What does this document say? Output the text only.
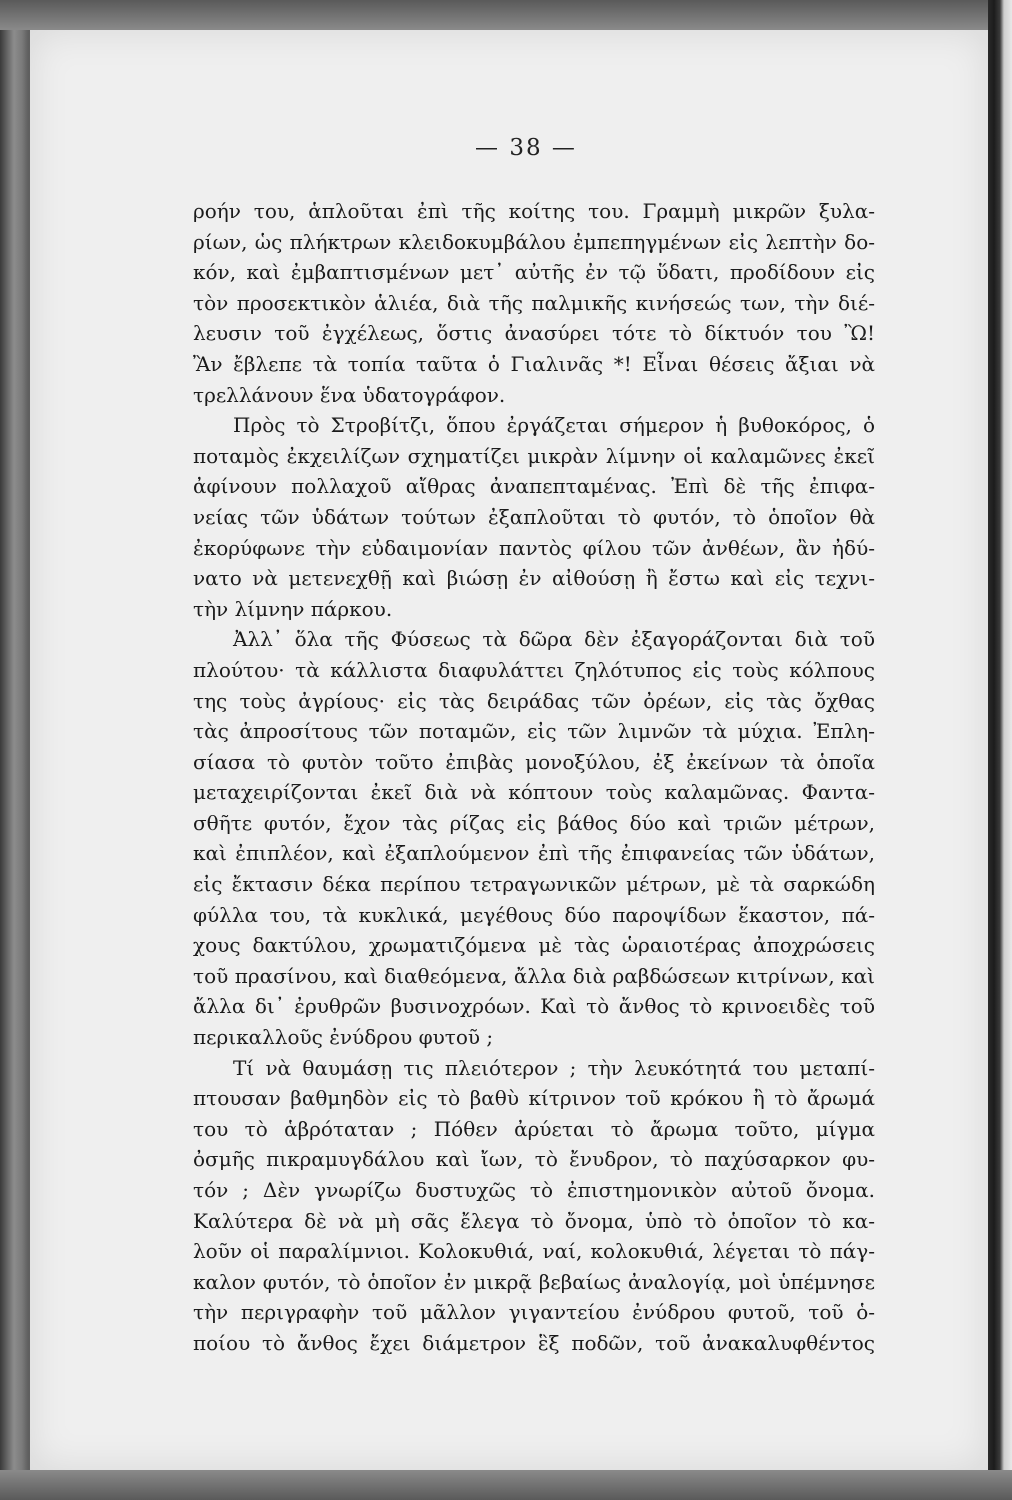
— 38 —
ροήν του, ἁπλοῦται ἐπὶ τῆς κοίτης του. Γραμμὴ μικρῶν ξυλα-
ρίων, ὡς πλήκτρων κλειδοκυμβάλου ἐμπεπηγμένων εἰς λεπτὴν δο-
κόν, καὶ ἐμβαπτισμένων μετ᾽ αὐτῆς ἐν τῷ ὕδατι, προδίδουν εἰς
τὸν προσεκτικὸν ἁλιέα, διὰ τῆς παλμικῆς κινήσεώς των, τὴν διέ-
λευσιν τοῦ ἐγχέλεως, ὅστις ἀνασύρει τότε τὸ δίκτυόν του Ὢ!
Ἂν ἔβλεπε τὰ τοπία ταῦτα ὁ Γιαλινᾶς *! Εἶναι θέσεις ἄξιαι νὰ
τρελλάνουν ἕνα ὑδατογράφον.
Πρὸς τὸ Στροβίτζι, ὅπου ἐργάζεται σήμερον ἡ βυθοκόρος, ὁ
ποταμὸς ἐκχειλίζων σχηματίζει μικρὰν λίμνην οἱ καλαμῶνες ἐκεῖ
ἀφίνουν πολλαχοῦ αἴθρας ἀναπεπταμένας. Ἐπὶ δὲ τῆς ἐπιφα-
νείας τῶν ὑδάτων τούτων ἐξαπλοῦται τὸ φυτόν, τὸ ὁποῖον θὰ
ἐκορύφωνε τὴν εὐδαιμονίαν παντὸς φίλου τῶν ἀνθέων, ἂν ἠδύ-
νατο νὰ μετενεχθῇ καὶ βιώσῃ ἐν αἰθούσῃ ἢ ἔστω καὶ εἰς τεχνι-
τὴν λίμνην πάρκου.
Ἀλλ᾽ ὅλα τῆς Φύσεως τὰ δῶρα δὲν ἐξαγοράζονται διὰ τοῦ
πλούτου· τὰ κάλλιστα διαφυλάττει ζηλότυπος εἰς τοὺς κόλπους
της τοὺς ἀγρίους· εἰς τὰς δειράδας τῶν ὀρέων, εἰς τὰς ὄχθας
τὰς ἀπροσίτους τῶν ποταμῶν, εἰς τῶν λιμνῶν τὰ μύχια. Ἐπλη-
σίασα τὸ φυτὸν τοῦτο ἐπιβὰς μονοξύλου, ἐξ ἐκείνων τὰ ὁποῖα
μεταχειρίζονται ἐκεῖ διὰ νὰ κόπτουν τοὺς καλαμῶνας. Φαντα-
σθῆτε φυτόν, ἔχον τὰς ρίζας εἰς βάθος δύο καὶ τριῶν μέτρων,
καὶ ἐπιπλέον, καὶ ἐξαπλούμενον ἐπὶ τῆς ἐπιφανείας τῶν ὑδάτων,
εἰς ἔκτασιν δέκα περίπου τετραγωνικῶν μέτρων, μὲ τὰ σαρκώδη
φύλλα του, τὰ κυκλικά, μεγέθους δύο παροψίδων ἕκαστον, πά-
χους δακτύλου, χρωματιζόμενα μὲ τὰς ὡραιοτέρας ἀποχρώσεις
τοῦ πρασίνου, καὶ διαθεόμενα, ἄλλα διὰ ραβδώσεων κιτρίνων, καὶ
ἄλλα δι᾽ ἐρυθρῶν βυσινοχρόων. Καὶ τὸ ἄνθος τὸ κρινοειδὲς τοῦ
περικαλλοῦς ἐνύδρου φυτοῦ ;
Τί νὰ θαυμάσῃ τις πλειότερον ; τὴν λευκότητά του μεταπί-
πτουσαν βαθμηδὸν εἰς τὸ βαθὺ κίτρινον τοῦ κρόκου ἢ τὸ ἄρωμά
του τὸ ἁβρόταταν ; Πόθεν ἀρύεται τὸ ἄρωμα τοῦτο, μίγμα
ὀσμῆς πικραμυγδάλου καὶ ἴων, τὸ ἔνυδρον, τὸ παχύσαρκον φυ-
τόν ; Δὲν γνωρίζω δυστυχῶς τὸ ἐπιστημονικὸν αὐτοῦ ὄνομα.
Καλύτερα δὲ νὰ μὴ σᾶς ἔλεγα τὸ ὄνομα, ὑπὸ τὸ ὁποῖον τὸ κα-
λοῦν οἱ παραλίμνιοι. Κολοκυθιά, ναί, κολοκυθιά, λέγεται τὸ πάγ-
καλον φυτόν, τὸ ὁποῖον ἐν μικρᾷ βεβαίως ἀναλογίᾳ, μοὶ ὑπέμνησε
τὴν περιγραφὴν τοῦ μᾶλλον γιγαντείου ἐνύδρου φυτοῦ, τοῦ ὁ-
ποίου τὸ ἄνθος ἔχει διάμετρον ἓξ ποδῶν, τοῦ ἀνακαλυφθέντος
